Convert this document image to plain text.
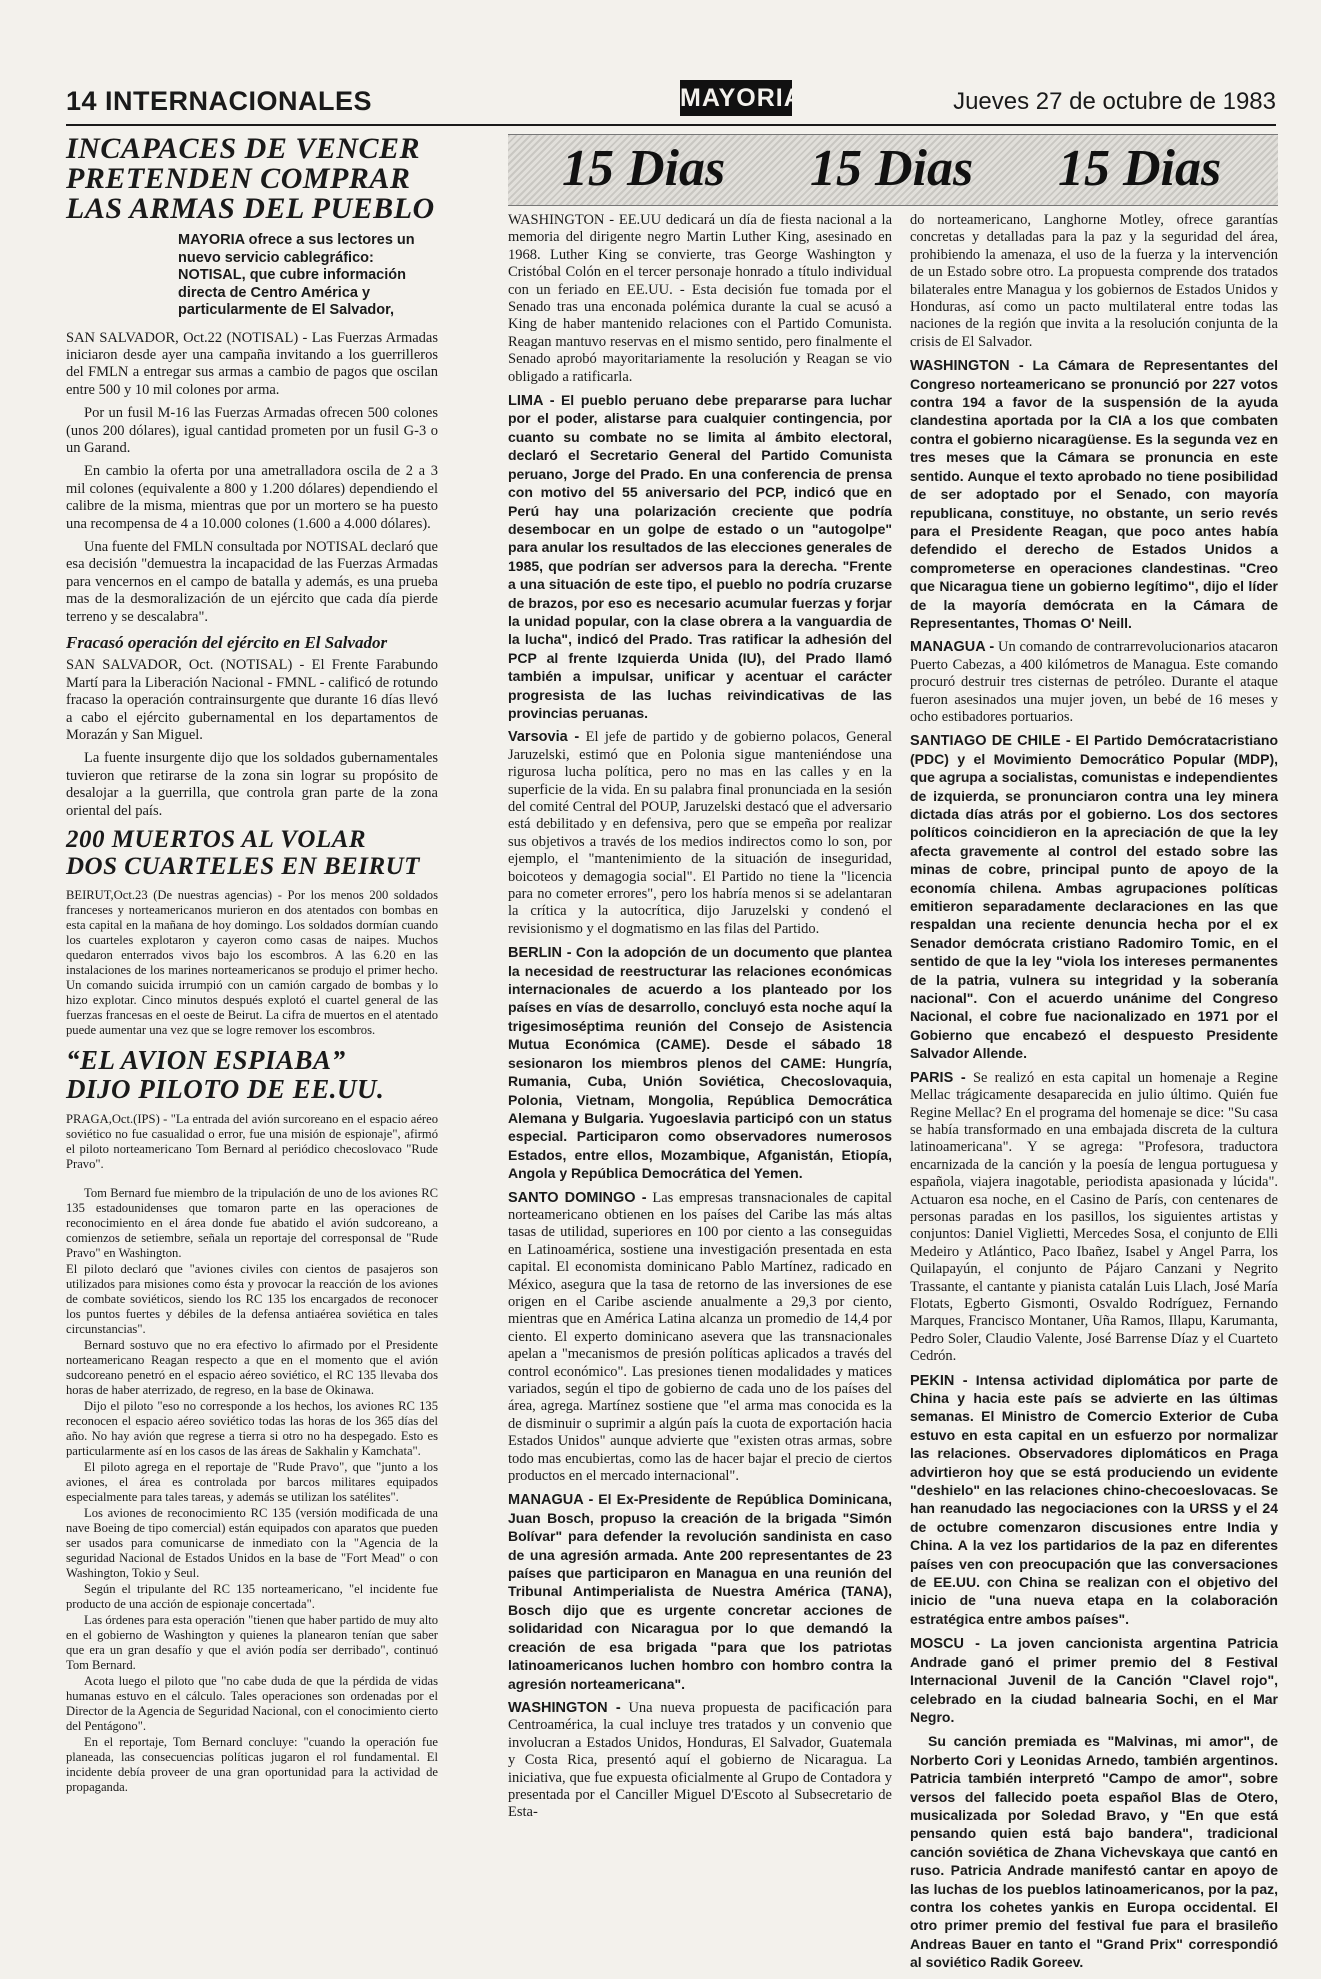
14 INTERNACIONALES	MAYORIA	Jueves 27 de octubre de 1983
INCAPACES DE VENCER
PRETENDEN COMPRAR
LAS ARMAS DEL PUEBLO
MAYORIA ofrece a sus lectores un nuevo servicio cablegráfico: NOTISAL, que cubre información directa de Centro América y particularmente de El Salvador,

SAN SALVADOR, Oct.22 (NOTISAL) - Las Fuerzas Armadas iniciaron desde ayer una campaña invitando a los guerrilleros del FMLN a entregar sus armas a cambio de pagos que oscilan entre 500 y 10 mil colones por arma.

Por un fusil M-16 las Fuerzas Armadas ofrecen 500 colones (unos 200 dólares), igual cantidad prometen por un fusil G-3 o un Garand.

En cambio la oferta por una ametralladora oscila de 2 a 3 mil colones (equivalente a 800 y 1.200 dólares) dependiendo el calibre de la misma, mientras que por un mortero se ha puesto una recompensa de 4 a 10.000 colones (1.600 a 4.000 dólares).

Una fuente del FMLN consultada por NOTISAL declaró que esa decisión "demuestra la incapacidad de las Fuerzas Armadas para vencernos en el campo de batalla y además, es una prueba mas de la desmoralización de un ejército que cada día pierde terreno y se descalabra".

Fracasó operación del ejército en El Salvador

SAN SALVADOR, Oct. (NOTISAL) - El Frente Farabundo Martí para la Liberación Nacional - FMNL - calificó de rotundo fracaso la operación contrainsurgente que durante 16 días llevó a cabo el ejército gubernamental en los departamentos de Morazán y San Miguel.

La fuente insurgente dijo que los soldados gubernamentales tuvieron que retirarse de la zona sin lograr su propósito de desalojar a la guerrilla, que controla gran parte de la zona oriental del país.

200 MUERTOS AL VOLAR
DOS CUARTELES EN BEIRUT

BEIRUT,Oct.23 (De nuestras agencias) - Por los menos 200 soldados franceses y norteamericanos murieron en dos atentados con bombas en esta capital en la mañana de hoy domingo. Los soldados dormían cuando los cuarteles explotaron y cayeron como casas de naipes. Muchos quedaron enterrados vivos bajo los escombros. A las 6.20 en las instalaciones de los marines norteamericanos se produjo el primer hecho. Un comando suicida irrumpió con un camión cargado de bombas y lo hizo explotar. Cinco minutos después explotó el cuartel general de las fuerzas francesas en el oeste de Beirut. La cifra de muertos en el atentado puede aumentar una vez que se logre remover los escombros.

“EL AVION ESPIABA”
DIJO PILOTO DE EE.UU.

PRAGA,Oct.(IPS) - "La entrada del avión surcoreano en el espacio aéreo soviético no fue casualidad o error, fue una misión de espionaje", afirmó el piloto norteamericano Tom Bernard al periódico checoslovaco "Rude Pravo".

Tom Bernard fue miembro de la tripulación de uno de los aviones RC 135 estadounidenses que tomaron parte en las operaciones de reconocimiento en el área donde fue abatido el avión sudcoreano, a comienzos de setiembre, señala un reportaje del corresponsal de "Rude Pravo" en Washington.

El piloto declaró que "aviones civiles con cientos de pasajeros son utilizados para misiones como ésta y provocar la reacción de los aviones de combate soviéticos, siendo los RC 135 los encargados de reconocer los puntos fuertes y débiles de la defensa antiaérea soviética en tales circunstancias".

Bernard sostuvo que no era efectivo lo afirmado por el Presidente norteamericano Reagan respecto a que en el momento que el avión sudcoreano penetró en el espacio aéreo soviético, el RC 135 llevaba dos horas de haber aterrizado, de regreso, en la base de Okinawa.

Dijo el piloto "eso no corresponde a los hechos, los aviones RC 135 reconocen el espacio aéreo soviético todas las horas de los 365 días del año. No hay avión que regrese a tierra si otro no ha despegado. Esto es particularmente así en los casos de las áreas de Sakhalin y Kamchata".

El piloto agrega en el reportaje de "Rude Pravo", que "junto a los aviones, el área es controlada por barcos militares equipados especialmente para tales tareas, y además se utilizan los satélites".

Los aviones de reconocimiento RC 135 (versión modificada de una nave Boeing de tipo comercial) están equipados con aparatos que pueden ser usados para comunicarse de inmediato con la "Agencia de la seguridad Nacional de Estados Unidos en la base de "Fort Mead" o con Washington, Tokio y Seul.

Según el tripulante del RC 135 norteamericano, "el incidente fue producto de una acción de espionaje concertada".

Las órdenes para esta operación "tienen que haber partido de muy alto en el gobierno de Washington y quienes la planearon tenían que saber que era un gran desafío y que el avión podía ser derribado", continuó Tom Bernard.

Acota luego el piloto que "no cabe duda de que la pérdida de vidas humanas estuvo en el cálculo. Tales operaciones son ordenadas por el Director de la Agencia de Seguridad Nacional, con el conocimiento cierto del Pentágono".

En el reportaje, Tom Bernard concluye: "cuando la operación fue planeada, las consecuencias políticas jugaron el rol fundamental. El incidente debía proveer de una gran oportunidad para la actividad de propaganda.

15 Dias 15 Dias 15 Dias

WASHINGTON - EE.UU dedicará un día de fiesta nacional a la memoria del dirigente negro Martin Luther King, asesinado en 1968. Luther King se convierte, tras George Washington y Cristóbal Colón en el tercer personaje honrado a título individual con un feriado en EE.UU. - Esta decisión fue tomada por el Senado tras una enconada polémica durante la cual se acusó a King de haber mantenido relaciones con el Partido Comunista. Reagan mantuvo reservas en el mismo sentido, pero finalmente el Senado aprobó mayoritariamente la resolución y Reagan se vio obligado a ratificarla.

LIMA - El pueblo peruano debe prepararse para luchar por el poder, alistarse para cualquier contingencia, por cuanto su combate no se limita al ámbito electoral, declaró el Secretario General del Partido Comunista peruano, Jorge del Prado. En una conferencia de prensa con motivo del 55 aniversario del PCP, indicó que en Perú hay una polarización creciente que podría desembocar en un golpe de estado o un "autogolpe" para anular los resultados de las elecciones generales de 1985, que podrían ser adversos para la derecha. "Frente a una situación de este tipo, el pueblo no podría cruzarse de brazos, por eso es necesario acumular fuerzas y forjar la unidad popular, con la clase obrera a la vanguardia de la lucha", indicó del Prado. Tras ratificar la adhesión del PCP al frente Izquierda Unida (IU), del Prado llamó también a impulsar, unificar y acentuar el carácter progresista de las luchas reivindicativas de las provincias peruanas.

Varsovia - El jefe de partido y de gobierno polacos, General Jaruzelski, estimó que en Polonia sigue manteniéndose una rigurosa lucha política, pero no mas en las calles y en la superficie de la vida. En su palabra final pronunciada en la sesión del comité Central del POUP, Jaruzelski destacó que el adversario está debilitado y en defensiva, pero que se empeña por realizar sus objetivos a través de los medios indirectos como lo son, por ejemplo, el "mantenimiento de la situación de inseguridad, boicoteos y demagogia social". El Partido no tiene la "licencia para no cometer errores", pero los habría menos si se adelantaran la crítica y la autocrítica, dijo Jaruzelski y condenó el revisionismo y el dogmatismo en las filas del Partido.

BERLIN - Con la adopción de un documento que plantea la necesidad de reestructurar las relaciones económicas internacionales de acuerdo a los planteado por los países en vías de desarrollo, concluyó esta noche aquí la trigesimoséptima reunión del Consejo de Asistencia Mutua Económica (CAME). Desde el sábado 18 sesionaron los miembros plenos del CAME: Hungría, Rumania, Cuba, Unión Soviética, Checoslovaquia, Polonia, Vietnam, Mongolia, República Democrática Alemana y Bulgaria. Yugoeslavia participó con un status especial. Participaron como observadores numerosos Estados, entre ellos, Mozambique, Afganistán, Etiopía, Angola y República Democrática del Yemen.

SANTO DOMINGO - Las empresas transnacionales de capital norteamericano obtienen en los países del Caribe las más altas tasas de utilidad, superiores en 100 por ciento a las conseguidas en Latinoamérica, sostiene una investigación presentada en esta capital. El economista dominicano Pablo Martínez, radicado en México, asegura que la tasa de retorno de las inversiones de ese origen en el Caribe asciende anualmente a 29,3 por ciento, mientras que en América Latina alcanza un promedio de 14,4 por ciento. El experto dominicano asevera que las transnacionales apelan a "mecanismos de presión políticas aplicados a través del control económico". Las presiones tienen modalidades y matices variados, según el tipo de gobierno de cada uno de los países del área, agrega. Martínez sostiene que "el arma mas conocida es la de disminuir o suprimir a algún país la cuota de exportación hacia Estados Unidos" aunque advierte que "existen otras armas, sobre todo mas encubiertas, como las de hacer bajar el precio de ciertos productos en el mercado internacional".

MANAGUA - El Ex-Presidente de República Dominicana, Juan Bosch, propuso la creación de la brigada "Simón Bolívar" para defender la revolución sandinista en caso de una agresión armada. Ante 200 representantes de 23 países que participaron en Managua en una reunión del Tribunal Antimperialista de Nuestra América (TANA), Bosch dijo que es urgente concretar acciones de solidaridad con Nicaragua por lo que demandó la creación de esa brigada "para que los patriotas latinoamericanos luchen hombro con hombro contra la agresión norteamericana".

WASHINGTON - Una nueva propuesta de pacificación para Centroamérica, la cual incluye tres tratados y un convenio que involucran a Estados Unidos, Honduras, El Salvador, Guatemala y Costa Rica, presentó aquí el gobierno de Nicaragua. La iniciativa, que fue expuesta oficialmente al Grupo de Contadora y presentada por el Canciller Miguel D'Escoto al Subsecretario de Esta-

do norteamericano, Langhorne Motley, ofrece garantías concretas y detalladas para la paz y la seguridad del área, prohibiendo la amenaza, el uso de la fuerza y la intervención de un Estado sobre otro. La propuesta comprende dos tratados bilaterales entre Managua y los gobiernos de Estados Unidos y Honduras, así como un pacto multilateral entre todas las naciones de la región que invita a la resolución conjunta de la crisis de El Salvador.

WASHINGTON - La Cámara de Representantes del Congreso norteamericano se pronunció por 227 votos contra 194 a favor de la suspensión de la ayuda clandestina aportada por la CIA a los que combaten contra el gobierno nicaragüense. Es la segunda vez en tres meses que la Cámara se pronuncia en este sentido. Aunque el texto aprobado no tiene posibilidad de ser adoptado por el Senado, con mayoría republicana, constituye, no obstante, un serio revés para el Presidente Reagan, que poco antes había defendido el derecho de Estados Unidos a comprometerse en operaciones clandestinas. "Creo que Nicaragua tiene un gobierno legítimo", dijo el líder de la mayoría demócrata en la Cámara de Representantes, Thomas O' Neill.

MANAGUA - Un comando de contrarrevolucionarios atacaron Puerto Cabezas, a 400 kilómetros de Managua. Este comando procuró destruir tres cisternas de petróleo. Durante el ataque fueron asesinados una mujer joven, un bebé de 16 meses y ocho estibadores portuarios.

SANTIAGO DE CHILE - El Partido Demócratacristiano (PDC) y el Movimiento Democrático Popular (MDP), que agrupa a socialistas, comunistas e independientes de izquierda, se pronunciaron contra una ley minera dictada días atrás por el gobierno. Los dos sectores políticos coincidieron en la apreciación de que la ley afecta gravemente al control del estado sobre las minas de cobre, principal punto de apoyo de la economía chilena. Ambas agrupaciones políticas emitieron separadamente declaraciones en las que respaldan una reciente denuncia hecha por el ex Senador demócrata cristiano Radomiro Tomic, en el sentido de que la ley "viola los intereses permanentes de la patria, vulnera su integridad y la soberanía nacional". Con el acuerdo unánime del Congreso Nacional, el cobre fue nacionalizado en 1971 por el Gobierno que encabezó el despuesto Presidente Salvador Allende.

PARIS - Se realizó en esta capital un homenaje a Regine Mellac trágicamente desaparecida en julio último. Quién fue Regine Mellac? En el programa del homenaje se dice: "Su casa se había transformado en una embajada discreta de la cultura latinoamericana". Y se agrega: "Profesora, traductora encarnizada de la canción y la poesía de lengua portuguesa y española, viajera inagotable, periodista apasionada y lúcida". Actuaron esa noche, en el Casino de París, con centenares de personas paradas en los pasillos, los siguientes artistas y conjuntos: Daniel Viglietti, Mercedes Sosa, el conjunto de Elli Medeiro y Atlántico, Paco Ibañez, Isabel y Angel Parra, los Quilapayún, el conjunto de Pájaro Canzani y Negrito Trassante, el cantante y pianista catalán Luis Llach, José María Flotats, Egberto Gismonti, Osvaldo Rodríguez, Fernando Marques, Francisco Montaner, Uña Ramos, Illapu, Karumanta, Pedro Soler, Claudio Valente, José Barrense Díaz y el Cuarteto Cedrón.

PEKIN - Intensa actividad diplomática por parte de China y hacia este país se advierte en las últimas semanas. El Ministro de Comercio Exterior de Cuba estuvo en esta capital en un esfuerzo por normalizar las relaciones. Observadores diplomáticos en Praga advirtieron hoy que se está produciendo un evidente "deshielo" en las relaciones chino-checoeslovacas. Se han reanudado las negociaciones con la URSS y el 24 de octubre comenzaron discusiones entre India y China. A la vez los partidarios de la paz en diferentes países ven con preocupación que las conversaciones de EE.UU. con China se realizan con el objetivo del inicio de "una nueva etapa en la colaboración estratégica entre ambos países".

MOSCU - La joven cancionista argentina Patricia Andrade ganó el primer premio del 8 Festival Internacional Juvenil de la Canción "Clavel rojo", celebrado en la ciudad balnearia Sochi, en el Mar Negro.

Su canción premiada es "Malvinas, mi amor", de Norberto Cori y Leonidas Arnedo, también argentinos. Patricia también interpretó "Campo de amor", sobre versos del fallecido poeta español Blas de Otero, musicalizada por Soledad Bravo, y "En que está pensando quien está bajo bandera", tradicional canción soviética de Zhana Vichevskaya que cantó en ruso. Patricia Andrade manifestó cantar en apoyo de las luchas de los pueblos latinoamericanos, por la paz, contra los cohetes yankis en Europa occidental. El otro primer premio del festival fue para el brasileño Andreas Bauer en tanto el "Grand Prix" correspondió al soviético Radik Goreev.
